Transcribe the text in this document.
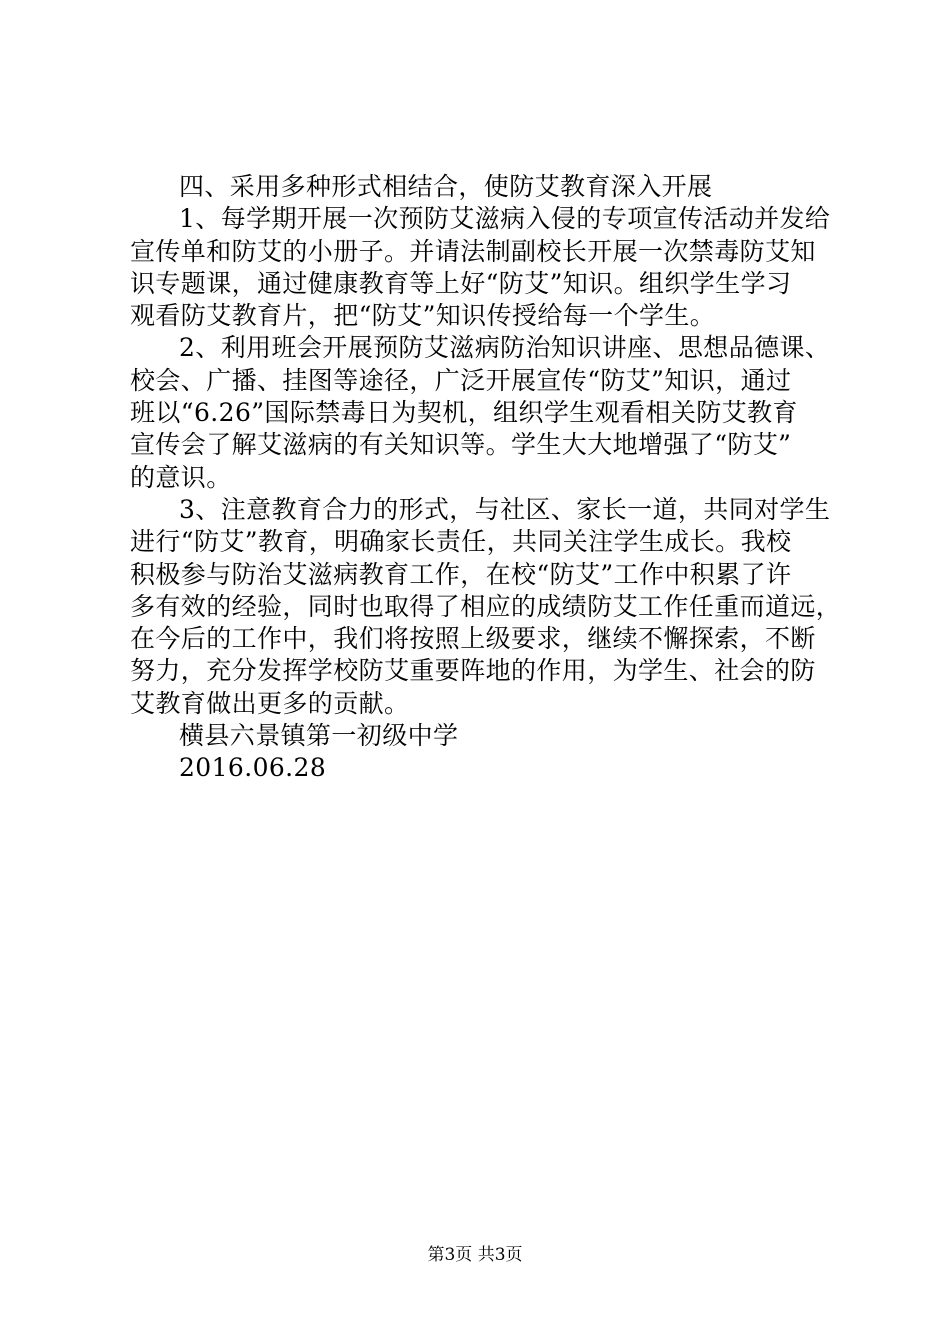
四、采用多种形式相结合，使防艾教育深入开展
1、每学期开展一次预防艾滋病入侵的专项宣传活动并发给
宣传单和防艾的小册子。并请法制副校长开展一次禁毒防艾知
识专题课，通过健康教育等上好“防艾”知识。组织学生学习
观看防艾教育片，把“防艾”知识传授给每一个学生。
2、利用班会开展预防艾滋病防治知识讲座、思想品德课、
校会、广播、挂图等途径，广泛开展宣传“防艾”知识，通过
班以“6.26”国际禁毒日为契机，组织学生观看相关防艾教育
宣传会了解艾滋病的有关知识等。学生大大地增强了“防艾”
的意识。
3、注意教育合力的形式，与社区、家长一道，共同对学生
进行“防艾”教育，明确家长责任，共同关注学生成长。我校
积极参与防治艾滋病教育工作，在校“防艾”工作中积累了许
多有效的经验，同时也取得了相应的成绩防艾工作任重而道远，
在今后的工作中，我们将按照上级要求，继续不懈探索，不断
努力，充分发挥学校防艾重要阵地的作用，为学生、社会的防
艾教育做出更多的贡献。
横县六景镇第一初级中学
2016.06.28
第3页 共3页
